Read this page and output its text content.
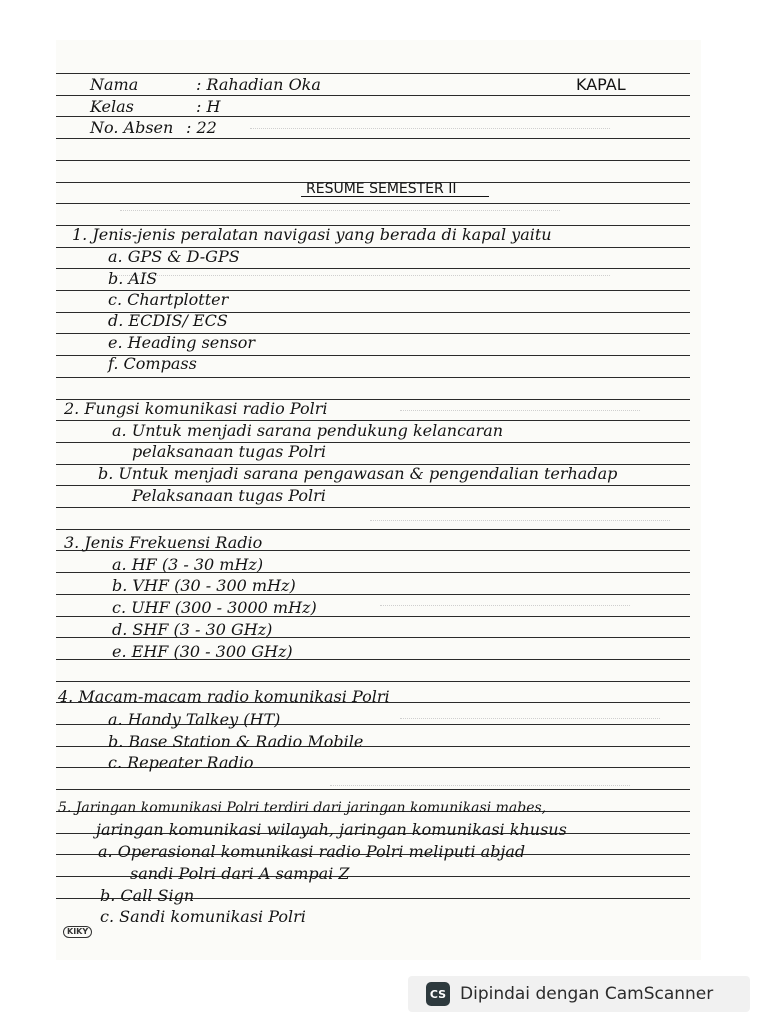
Nama	: Rahadian Oka	KAPAL
Kelas	: H
No. Absen : 22
RESUME SEMESTER II
1. Jenis-jenis peralatan navigasi yang berada di kapal yaitu
a. GPS & D-GPS
b. AIS
c. Chartplotter
d. ECDIS/ ECS
e. Heading sensor
f. Compass
2. Fungsi komunikasi radio Polri
a. Untuk menjadi sarana pendukung kelancaran
pelaksanaan tugas Polri
b. Untuk menjadi sarana pengawasan & pengendalian terhadap
Pelaksanaan tugas Polri
3. Jenis Frekuensi Radio
a. HF (3 - 30 mHz)
b. VHF (30 - 300 mHz)
c. UHF (300 - 3000 mHz)
d. SHF (3 - 30 GHz)
e. EHF (30 - 300 GHz)
4. Macam-macam radio komunikasi Polri
a. Handy Talkey (HT)
b. Base Station & Radio Mobile
c. Repeater Radio
5. Jaringan komunikasi Polri terdiri dari jaringan komunikasi mabes,
jaringan komunikasi wilayah, jaringan komunikasi khusus
a. Operasional komunikasi radio Polri meliputi abjad
sandi Polri dari A sampai Z
b. Call Sign
c. Sandi komunikasi Polri
KIKY
CS Dipindai dengan CamScanner
